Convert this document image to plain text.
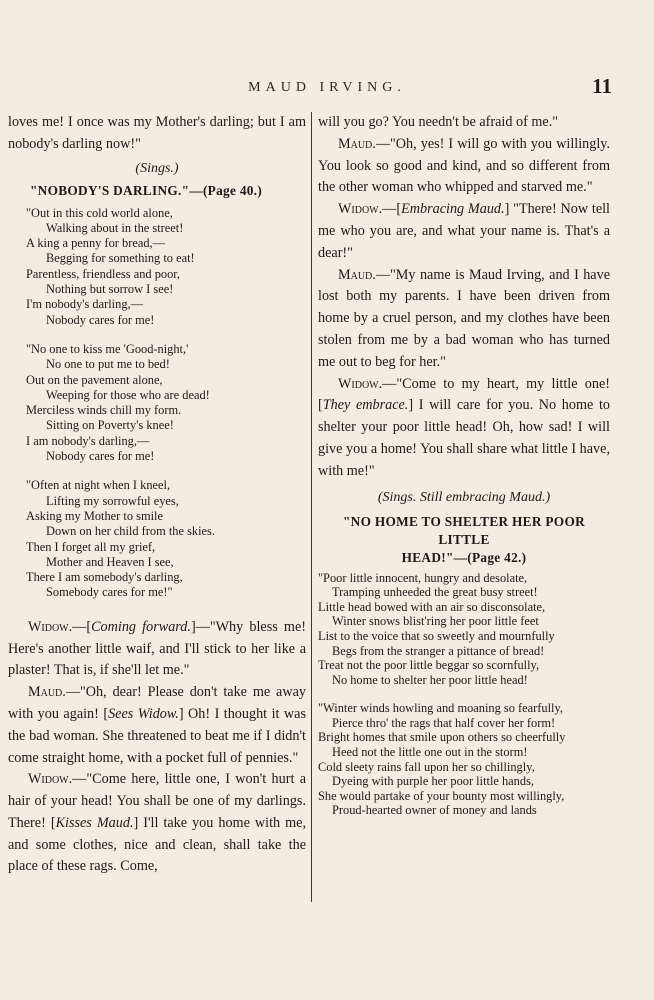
MAUD IRVING.	11

loves me! I once was my Mother's darling; but I am nobody's darling now!"

(Sings.)
"NOBODY'S DARLING."—(Page 40.)
"Out in this cold world alone,
Walking about in the street!
A king a penny for bread,—
Begging for something to eat!
Parentless, friendless and poor,
Nothing but sorrow I see!
I'm nobody's darling,—
Nobody cares for me!
"No one to kiss me 'Good-night,'
No one to put me to bed!
Out on the pavement alone,
Weeping for those who are dead!
Merciless winds chill my form.
Sitting on Poverty's knee!
I am nobody's darling,—
Nobody cares for me!
"Often at night when I kneel,
Lifting my sorrowful eyes,
Asking my Mother to smile
Down on her child from the skies.
Then I forget all my grief,
Mother and Heaven I see,
There I am somebody's darling,
Somebody cares for me!"

Widow.—[Coming forward.]—"Why bless me! Here's another little waif, and I'll stick to her like a plaster! That is, if she'll let me."

Maud.—"Oh, dear! Please don't take me away with you again! [Sees Widow.] Oh! I thought it was the bad woman. She threatened to beat me if I didn't come straight home, with a pocket full of pennies."

Widow.—"Come here, little one, I won't hurt a hair of your head! You shall be one of my darlings. There! [Kisses Maud.] I'll take you home with me, and some clothes, nice and clean, shall take the place of these rags. Come,

will you go? You needn't be afraid of me."

Maud.—"Oh, yes! I will go with you willingly. You look so good and kind, and so different from the other woman who whipped and starved me."

Widow.—[Embracing Maud.] "There! Now tell me who you are, and what your name is. That's a dear!"

Maud.—"My name is Maud Irving, and I have lost both my parents. I have been driven from home by a cruel person, and my clothes have been stolen from me by a bad woman who has turned me out to beg for her."

Widow.—"Come to my heart, my little one! [They embrace.] I will care for you. No home to shelter your poor little head! Oh, how sad! I will give you a home! You shall share what little I have, with me!"

(Sings. Still embracing Maud.)
"NO HOME TO SHELTER HER POOR LITTLE
HEAD!"—(Page 42.)
"Poor little innocent, hungry and desolate,
Tramping unheeded the great busy street!
Little head bowed with an air so disconsolate,
Winter snows blist'ring her poor little feet
List to the voice that so sweetly and mournfully
Begs from the stranger a pittance of bread!
Treat not the poor little beggar so scornfully,
No home to shelter her poor little head!
"Winter winds howling and moaning so fearfully,
Pierce thro' the rags that half cover her form!
Bright homes that smile upon others so cheerfully
Heed not the little one out in the storm!
Cold sleety rains fall upon her so chillingly,
Dyeing with purple her poor little hands,
She would partake of your bounty most willingly,
Proud-hearted owner of money and lands
